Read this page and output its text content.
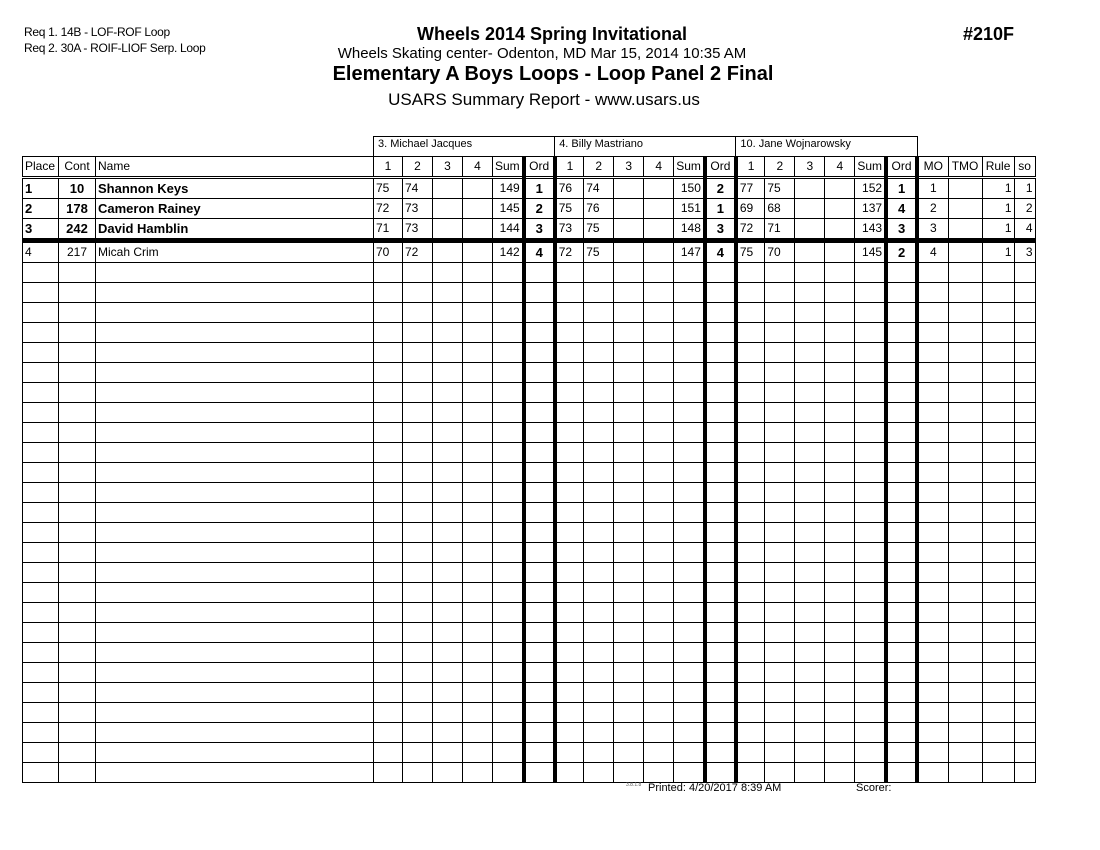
Req 1. 14B - LOF-ROF Loop
Req 2. 30A - ROIF-LIOF Serp. Loop
Wheels 2014 Spring Invitational
Wheels Skating center- Odenton, MD Mar 15, 2014 10:35 AM
Elementary A Boys Loops - Loop Panel 2 Final
USARS Summary Report - www.usars.us
#210F
			3. Michael Jacques						4. Billy Mastriano						10. Jane Wojnarowsky									
Place	Cont	Name	1	2	3	4	Sum	Ord	1	2	3	4	Sum	Ord	1	2	3	4	Sum	Ord	MO	TMO	Rule	so
1	10	Shannon Keys	75	74			149	1	76	74			150	2	77	75			152	1	1		1	1
2	178	Cameron Rainey	72	73			145	2	75	76			151	1	69	68			137	4	2		1	2
3	242	David Hamblin	71	73			144	3	73	75			148	3	72	71			143	3	3		1	4
4	217	Micah Crim	70	72			142	4	72	75			147	4	75	70			145	2	4		1	3

3.8.1.8 Printed: 4/20/2017 8:39 AM	Scorer:
